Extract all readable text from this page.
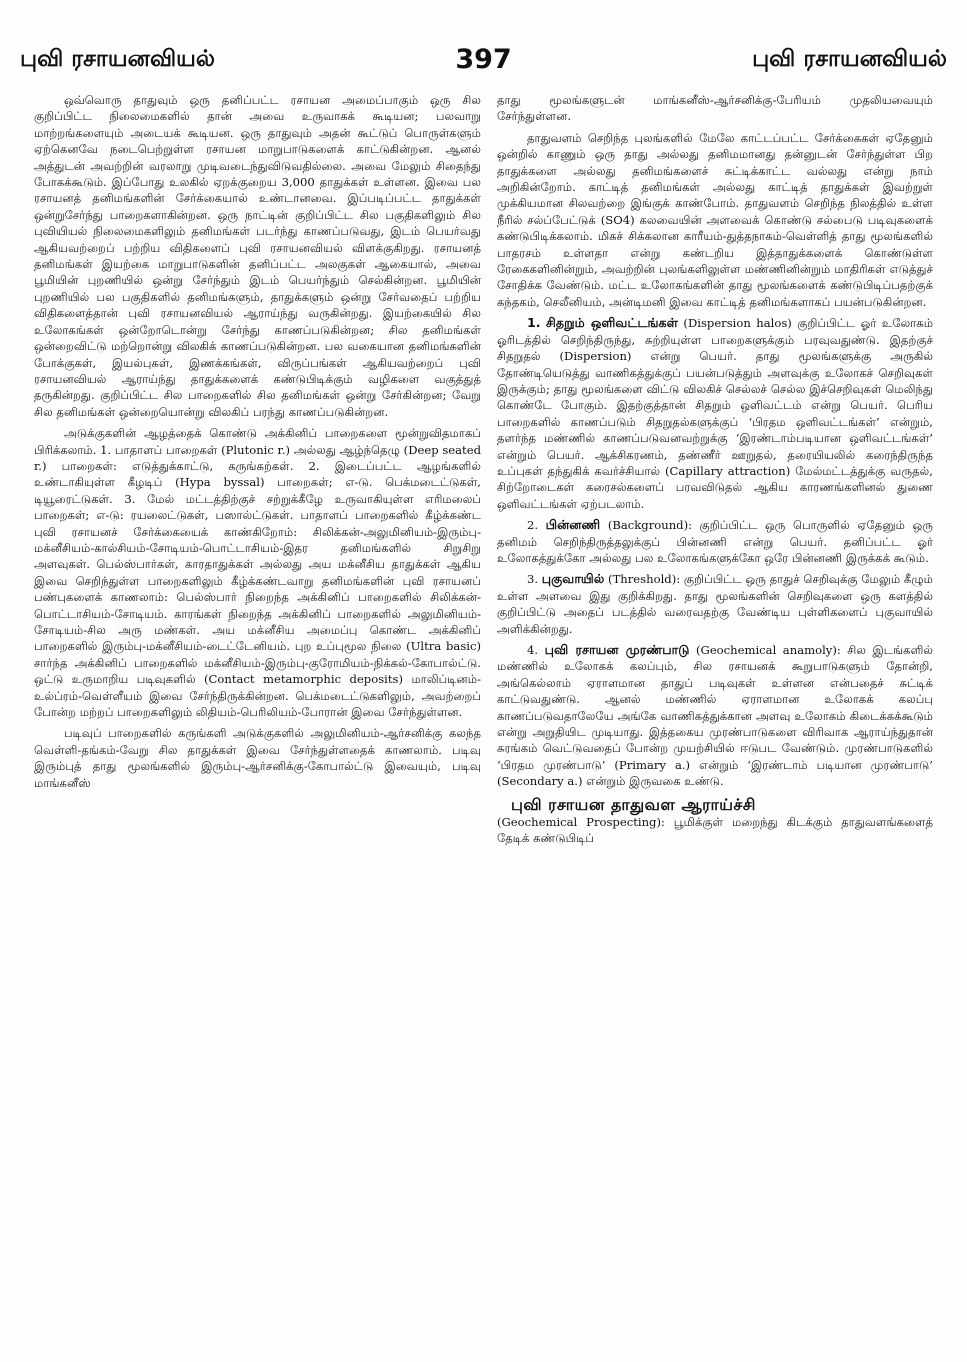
புவி ரசாயனவியல்	397	புவி ரசாயனவியல்

ஒவ்வொரு தாதுவும் ஒரு தனிப்பட்ட ரசாயன அமைப்பாகும் ஒரு சில குறிப்பிட்ட நிலைமைகளில் தான் அவை உருவாகக் கூடியன; பலவாறு மாற்றங்களையும் அடையக் கூடியன. ஒரு தாதுவும் அதன் கூட்டுப் பொருள்களும் ஏற்கெனவே நடைபெற்றுள்ள ரசாயன மாறுபாடுகளைக் காட்டுகின்றன. ஆனல் அத்துடன் அவற்றின் வரலாறு முடிவடைந்துவிடுவதில்லை. அவை மேலும் சிதைந்து போகக்கூடும். இப்போது உலகில் ஏறக்குறைய 3,000 தாதுக்கள் உள்ளன. இவை பல ரசாயனத் தனிமங்களின் சேர்க்கையால் உண்டானவை. இப்படிப்பட்ட தாதுக்கள் ஒன்றுசேர்ந்து பாறைகளாகின்றன. ஒரு நாட்டின் குறிப்பிட்ட சில பகுதிகளிலும் சில புவியியல் நிலைமைகளிலும் தனிமங்கள் படர்ந்து காணப்படுவது, இடம் பெயர்வது ஆகியவற்றைப் பற்றிய விதிகளைப் புவி ரசாயனவியல் விளக்குகிறது. ரசாயனத் தனிமங்கள் இயற்கை மாறுபாடுகளின் தனிப்பட்ட அலகுகள் ஆகையால், அவை பூமியின் புறணியில் ஒன்று சேர்ந்தும் இடம் பெயர்ந்தும் செல்கின்றன. பூமியின் புறணியில் பல பகுதிகளில் தனிமங்களும், தாதுக்களும் ஒன்று சேர்வதைப் பற்றிய விதிகளைத்தான் புவி ரசாயனவியல் ஆராய்ந்து வருகின்றது. இயற்கையில் சில உலோகங்கள் ஒன்றோடொன்று சேர்ந்து காணப்படுகின்றன; சில தனிமங்கள் ஒன்றைவிட்டு மற்றொன்று விலகிக் காணப்படுகின்றன. பல வகையான தனிமங்களின் போக்குகள், இயல்புகள், இணக்கங்கள், விருப்பங்கள் ஆகியவற்றைப் புவி ரசாயனவியல் ஆராய்ந்து தாதுக்களைக் கண்டுபிடிக்கும் வழிகளை வகுத்துத் தருகின்றது. குறிப்பிட்ட சில பாறைகளில் சில தனிமங்கள் ஒன்று சேர்கின்றன; வேறு சில தனிமங்கள் ஒன்றையொன்று விலகிப் பரந்து காணப்படுகின்றன.

அடுக்குகளின் ஆழத்தைக் கொண்டு அக்கினிப் பாறைகளை மூன்றுவிதமாகப் பிரிக்கலாம். 1. பாதாளப் பாறைகள் (Plutonic r.) அல்லது ஆழ்ந்தெழு (Deep seated r.) பாறைகள்: எடுத்துக்காட்டு, கருங்கற்கள். 2. இடைப்பட்ட ஆழங்களில் உண்டாகியுள்ள கீழடிப் (Hypa byssal) பாறைகள்; எ-டு. பெக்மடைட்டுகள், டியூரைட்டுகள். 3. மேல் மட்டத்திற்குச் சற்றுக்கீழே உருவாகியுள்ள எரிமலைப் பாறைகள்; எ-டு: ரயலைட்டுகள், பஸால்ட்டுகள். பாதாளப் பாறைகளில் கீழ்க்கண்ட புவி ரசாயனச் சேர்க்கையைக் காண்கிறோம்: சிலிக்கன்-அலுமினியம்-இரும்பு-மக்னீசியம்-கால்சியம்-சோடியம்-பொட்டாசியம்-இதர தனிமங்களில் சிறுசிறு அளவுகள். பெல்ஸ்பார்கள், காரதாதுக்கள் அல்லது அய மக்னீசிய தாதுக்கள் ஆகிய இவை செறிந்துள்ள பாறைகளிலும் கீழ்க்கண்டவாறு தனிமங்களின் புவி ரசாயனப் பண்புகளைக் காணலாம்: பெல்ஸ்பார் நிறைந்த அக்கினிப் பாறைகளில் சிலிக்கன்-பொட்டாசியம்-சோடியம். காரங்கள் நிறைந்த அக்கினிப் பாறைகளில் அலுமினியம்-சோடியம்-சில அரு மண்கள். அய மக்னீசிய அமைப்பு கொண்ட அக்கினிப் பாறைகளில் இரும்பு-மக்னீசியம்-டைட்டேனியம். புற உப்புமூல நிலை (Ultra basic) சார்ந்த அக்கினிப் பாறைகளில் மக்னீசியம்-இரும்பு-குரோமியம்-நிக்கல்-கோபால்ட்டு. ஒட்டு உருமாறிய படிவுகளில் (Contact metamorphic deposits) மாலிப்டினம்-உல்ப்ரம்-வெள்ளீயம் இவை சேர்ந்திருக்கின்றன. பெக்மடைட்டுகளிலும், அவற்றைப் போன்ற மற்றப் பாறைகளிலும் லிதியம்-பெரிலியம்-போரான் இவை சேர்ந்துள்ளன.

படிவுப் பாறைகளில் கருங்களி அடுக்குகளில் அலுமினியம்-ஆர்சனிக்கு கலந்த வெள்ளி-தங்கம்-வேறு சில தாதுக்கள் இவை சேர்ந்துள்ளதைக் காணலாம். படிவு இரும்புத் தாது மூலங்களில் இரும்பு-ஆர்சனிக்கு-கோபால்ட்டு இவையும், படிவு மாங்கனீஸ்

தாது மூலங்களுடன் மாங்கனீஸ்-ஆர்சனிக்கு-பேரியம் முதலியவையும் சேர்ந்துள்ளன.

தாதுவளம் செறிந்த புலங்களில் மேலே காட்டப்பட்ட சேர்க்கைகள் ஏதேனும் ஒன்றில் காணும் ஒரு தாது அல்லது தனிமமானது தன்னுடன் சேர்ந்துள்ள பிற தாதுக்களை அல்லது தனிமங்களைச் சுட்டிக்காட்ட வல்லது என்று நாம் அறிகின்றோம். காட்டித் தனிமங்கள் அல்லது காட்டித் தாதுக்கள் இவற்றுள் முக்கியமான சிலவற்றை இங்குக் காண்போம். தாதுவளம் செறிந்த நிலத்தில் உள்ள நீரில் சல்ப்பேட்டுக் (SO4) கலவையின் அளவைக் கொண்டு சல்பைடு படிவுகளைக் கண்டுபிடிக்கலாம். மிகச் சிக்கலான காரீயம்-துத்தநாகம்-வெள்ளித் தாது மூலங்களில் பாதரசம் உள்ளதா என்று கண்டறிய இத்தாதுக்களைக் கொண்டுள்ள ரேகைகளினின்றும், அவற்றின் புலங்களிலுள்ள மண்ணினின்றும் மாதிரிகள் எடுத்துச் சோதிக்க வேண்டும். மட்ட உலோகங்களின் தாது மூலங்களைக் கண்டுபிடிப்பதற்குக் கந்தகம், செலீனியம், அன்டிமனி இவை காட்டித் தனிமங்களாகப் பயன்படுகின்றன.

1. சிதறும் ஒளிவட்டங்கள் (Dispersion halos) குறிப்பிட்ட ஓர் உலோகம் ஓரிடத்தில் செறிந்திருந்து, சுற்றியுள்ள பாறைகளுக்கும் பரவுவதுண்டு. இதற்குச் சிதறுதல் (Dispersion) என்று பெயர். தாது மூலங்களுக்கு அருகில் தோண்டியெடுத்து வாணிகத்துக்குப் பயன்படுத்தும் அளவுக்கு உலோகச் செறிவுகள் இருக்கும்; தாது மூலங்களை விட்டு விலகிச் செல்லச் செல்ல இச்செறிவுகள் மெலிந்து கொண்டே போகும். இதற்குத்தான் சிதறும் ஒளிவட்டம் என்று பெயர். பெரிய பாறைகளில் காணப்படும் சிதறுதல்களுக்குப் ‘பிரதம ஒளிவட்டங்கள்’ என்றும், தளர்ந்த மண்ணில் காணப்படுவனவற்றுக்கு ‘இரண்டாம்படியான ஒளிவட்டங்கள்’ என்றும் பெயர். ஆக்சிகரணம், தண்ணீர் ஊறுதல், தரையியலில் கரைந்திருந்த உப்புகள் தந்துகிக் கவர்ச்சியால் (Capillary attraction) மேல்மட்டத்துக்கு வருதல், சிற்றோடைகள் கரைசல்களைப் பரவவிடுதல் ஆகிய காரணங்களினல் துணை ஒளிவட்டங்கள் ஏற்படலாம்.

2. பின்னணி (Background): குறிப்பிட்ட ஒரு பொருளில் ஏதேனும் ஒரு தனிமம் செறிந்திருத்தலுக்குப் பின்னணி என்று பெயர். தனிப்பட்ட ஓர் உலோகத்துக்கோ அல்லது பல உலோகங்களுக்கோ ஒரே பின்னணி இருக்கக் கூடும்.

3. புகுவாயில் (Threshold): குறிப்பிட்ட ஒரு தாதுச் செறிவுக்கு மேலும் கீழும் உள்ள அளவை இது குறிக்கிறது. தாது மூலங்களின் செறிவுகளை ஒரு களத்தில் குறிப்பிட்டு அதைப் படத்தில் வரைவதற்கு வேண்டிய புள்ளிகளைப் புகுவாயில் அளிக்கின்றது.

4. புவி ரசாயன முரண்பாடு (Geochemical anamoly): சில இடங்களில் மண்ணில் உலோகக் கலப்பும், சில ரசாயனக் கூறுபாடுகளும் தோன்றி, அங்கெல்லாம் ஏராளமான தாதுப் படிவுகள் உள்ளன என்பதைச் சுட்டிக் காட்டுவதுண்டு. ஆனல் மண்ணில் ஏராளமான உலோகக் கலப்பு காணப்படுவதாலேயே அங்கே வாணிகத்துக்கான அளவு உலோகம் கிடைக்கக்கூடும் என்று அறுதியிட முடியாது. இத்தகைய முரண்பாடுகளை விரிவாக ஆராய்ந்துதான் சுரங்கம் வெட்டுவதைப் போன்ற முயற்சியில் ஈடுபட வேண்டும். முரண்பாடுகளில் ‘பிரதம முரண்பாடு’ (Primary a.) என்றும் ‘இரண்டாம் படியான முரண்பாடு’ (Secondary a.) என்றும் இருவகை உண்டு.

புவி ரசாயன தாதுவள ஆராய்ச்சி

(Geochemical Prospecting): பூமிக்குள் மறைந்து கிடக்கும் தாதுவளங்களைத் தேடிக் கண்டுபிடிப்
